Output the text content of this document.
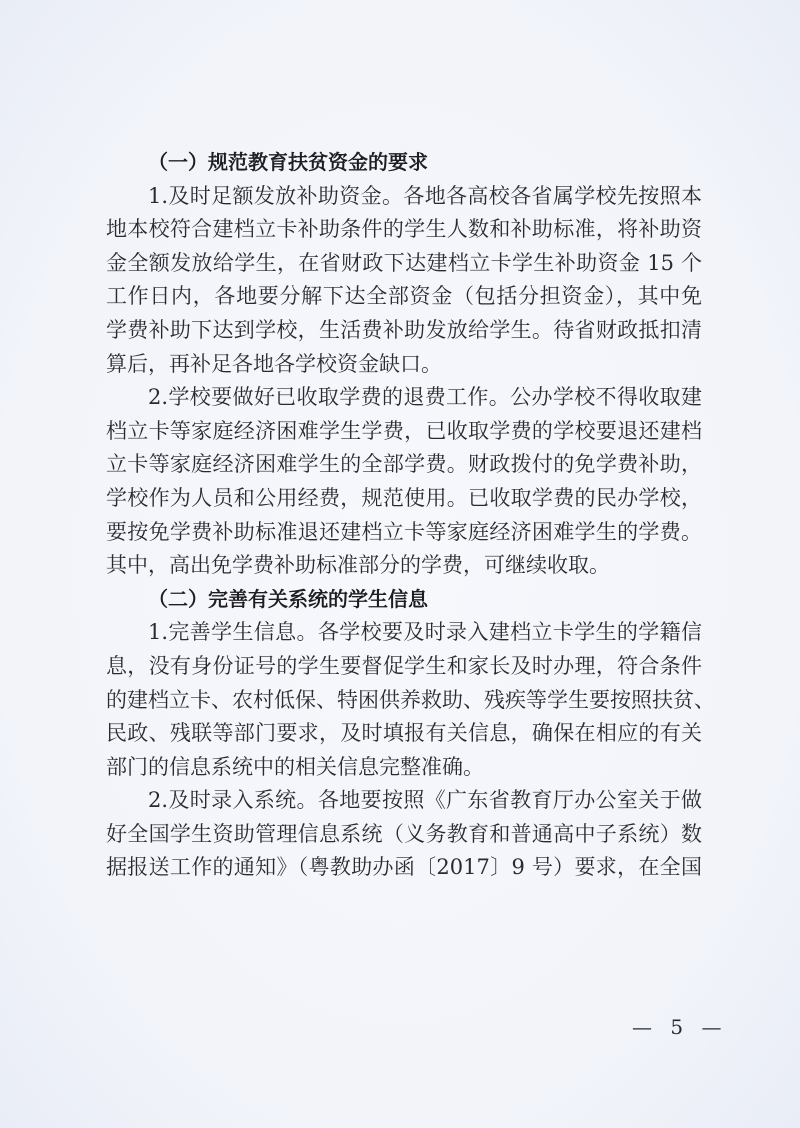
（一）规范教育扶贫资金的要求
1.及时足额发放补助资金。各地各高校各省属学校先按照本
地本校符合建档立卡补助条件的学生人数和补助标准，将补助资
金全额发放给学生，在省财政下达建档立卡学生补助资金 15 个
工作日内，各地要分解下达全部资金（包括分担资金），其中免
学费补助下达到学校，生活费补助发放给学生。待省财政抵扣清
算后，再补足各地各学校资金缺口。
2.学校要做好已收取学费的退费工作。公办学校不得收取建
档立卡等家庭经济困难学生学费，已收取学费的学校要退还建档
立卡等家庭经济困难学生的全部学费。财政拨付的免学费补助，
学校作为人员和公用经费，规范使用。已收取学费的民办学校，
要按免学费补助标准退还建档立卡等家庭经济困难学生的学费。
其中，高出免学费补助标准部分的学费，可继续收取。
（二）完善有关系统的学生信息
1.完善学生信息。各学校要及时录入建档立卡学生的学籍信
息，没有身份证号的学生要督促学生和家长及时办理，符合条件
的建档立卡、农村低保、特困供养救助、残疾等学生要按照扶贫、
民政、残联等部门要求，及时填报有关信息，确保在相应的有关
部门的信息系统中的相关信息完整准确。
2.及时录入系统。各地要按照《广东省教育厅办公室关于做
好全国学生资助管理信息系统（义务教育和普通高中子系统）数
据报送工作的通知》（粤教助办函〔2017〕9 号）要求，在全国
— 5 —
